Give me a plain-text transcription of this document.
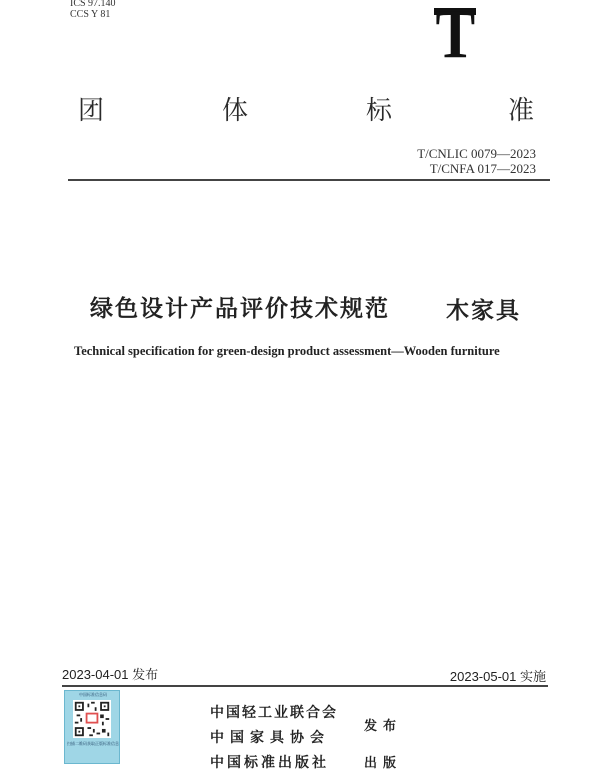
ICS 97.140
CCS Y 81	T
团	体	标	准
T/CNLIC 0079—2023
T/CNFA 017—2023
绿色设计产品评价技术规范 木家具
Technical specification for green-design product assessment—Wooden furniture
2023-04-01 发布	2023-05-01 实施
中国标准信息码
扫描二维码获取正版标准信息
中国轻工业联合会
中国家具协会
中国标准出版社
发布
出版
